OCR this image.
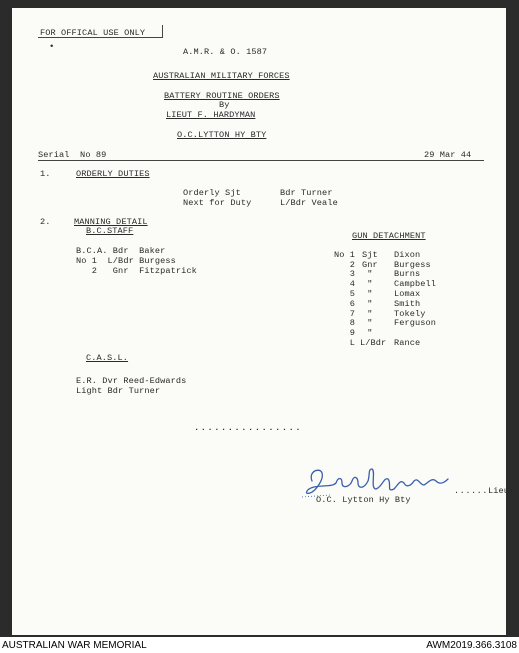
FOR OFFICAL USE ONLY
•	A.M.R. & O. 1587
AUSTRALIAN MILITARY FORCES
BATTERY ROUTINE ORDERS
By
LIEUT F. HARDYMAN
O.C.LYTTON HY BTY
Serial  No 89	29 Mar 44
1.	ORDERLY DUTIES
Orderly Sjt	Bdr Turner
Next for Duty	L/Bdr Veale
2.	MANNING DETAIL
B.C.STAFF
B.C.A. Bdr  Baker
No 1  L/Bdr Burgess
2   Gnr  Fitzpatrick
GUN DETACHMENT
No 1 Sjt Dixon
2 Gnr Burgess
3 " Burns
4 " Campbell
5 " Lomax
6 " Smith
7 " Tokely
8 " Ferguson
9 "
L L/Bdr Rance
C.A.S.L.
E.R. Dvr Reed-Edwards
Light Bdr Turner
................
......Lieut.
O.C. Lytton Hy Bty
AUSTRALIAN WAR MEMORIAL	AWM2019.366.3108
